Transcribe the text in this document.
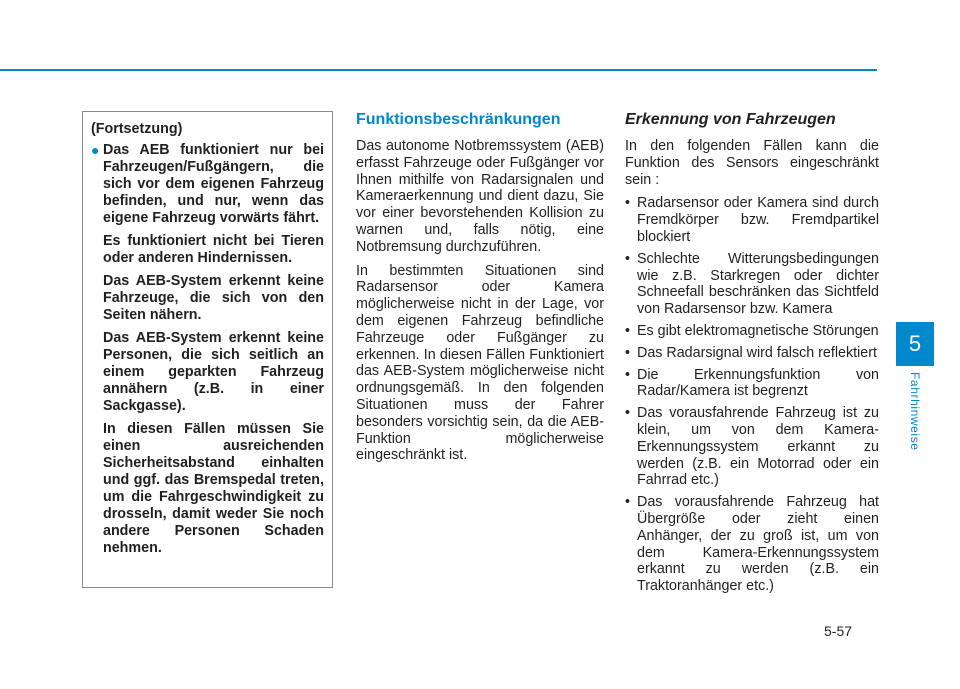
(Fortsetzung)

● Das AEB funktioniert nur bei Fahrzeugen/Fußgängern, die sich vor dem eigenen Fahrzeug befinden, und nur, wenn das eigene Fahrzeug vorwärts fährt.

Es funktioniert nicht bei Tieren oder anderen Hindernissen.

Das AEB-System erkennt keine Fahrzeuge, die sich von den Seiten nähern.

Das AEB-System erkennt keine Personen, die sich seitlich an einem geparkten Fahrzeug annähern (z.B. in einer Sackgasse).

In diesen Fällen müssen Sie einen ausreichenden Sicherheitsabstand einhalten und ggf. das Bremspedal treten, um die Fahrgeschwindigkeit zu drosseln, damit weder Sie noch andere Personen Schaden nehmen.

Funktionsbeschränkungen

Das autonome Notbremssystem (AEB) erfasst Fahrzeuge oder Fußgänger vor Ihnen mithilfe von Radarsignalen und Kameraerkennung und dient dazu, Sie vor einer bevorstehenden Kollision zu warnen und, falls nötig, eine Notbremsung durchzuführen.

In bestimmten Situationen sind Radarsensor oder Kamera möglicherweise nicht in der Lage, vor dem eigenen Fahrzeug befindliche Fahrzeuge oder Fußgänger zu erkennen. In diesen Fällen Funktioniert das AEB-System möglicherweise nicht ordnungsgemäß. In den folgenden Situationen muss der Fahrer besonders vorsichtig sein, da die AEB-Funktion möglicherweise eingeschränkt ist.

Erkennung von Fahrzeugen

In den folgenden Fällen kann die Funktion des Sensors eingeschränkt sein :

• Radarsensor oder Kamera sind durch Fremdkörper bzw. Fremdpartikel blockiert
• Schlechte Witterungsbedingungen wie z.B. Starkregen oder dichter Schneefall beschränken das Sichtfeld von Radarsensor bzw. Kamera
• Es gibt elektromagnetische Störungen
• Das Radarsignal wird falsch reflektiert
• Die Erkennungsfunktion von Radar/Kamera ist begrenzt
• Das vorausfahrende Fahrzeug ist zu klein, um von dem Kamera-Erkennungssystem erkannt zu werden (z.B. ein Motorrad oder ein Fahrrad etc.)
• Das vorausfahrende Fahrzeug hat Übergröße oder zieht einen Anhänger, der zu groß ist, um von dem Kamera-Erkennungssystem erkannt zu werden (z.B. ein Traktoranhänger etc.)
5
Fahrhinweise
5-57
